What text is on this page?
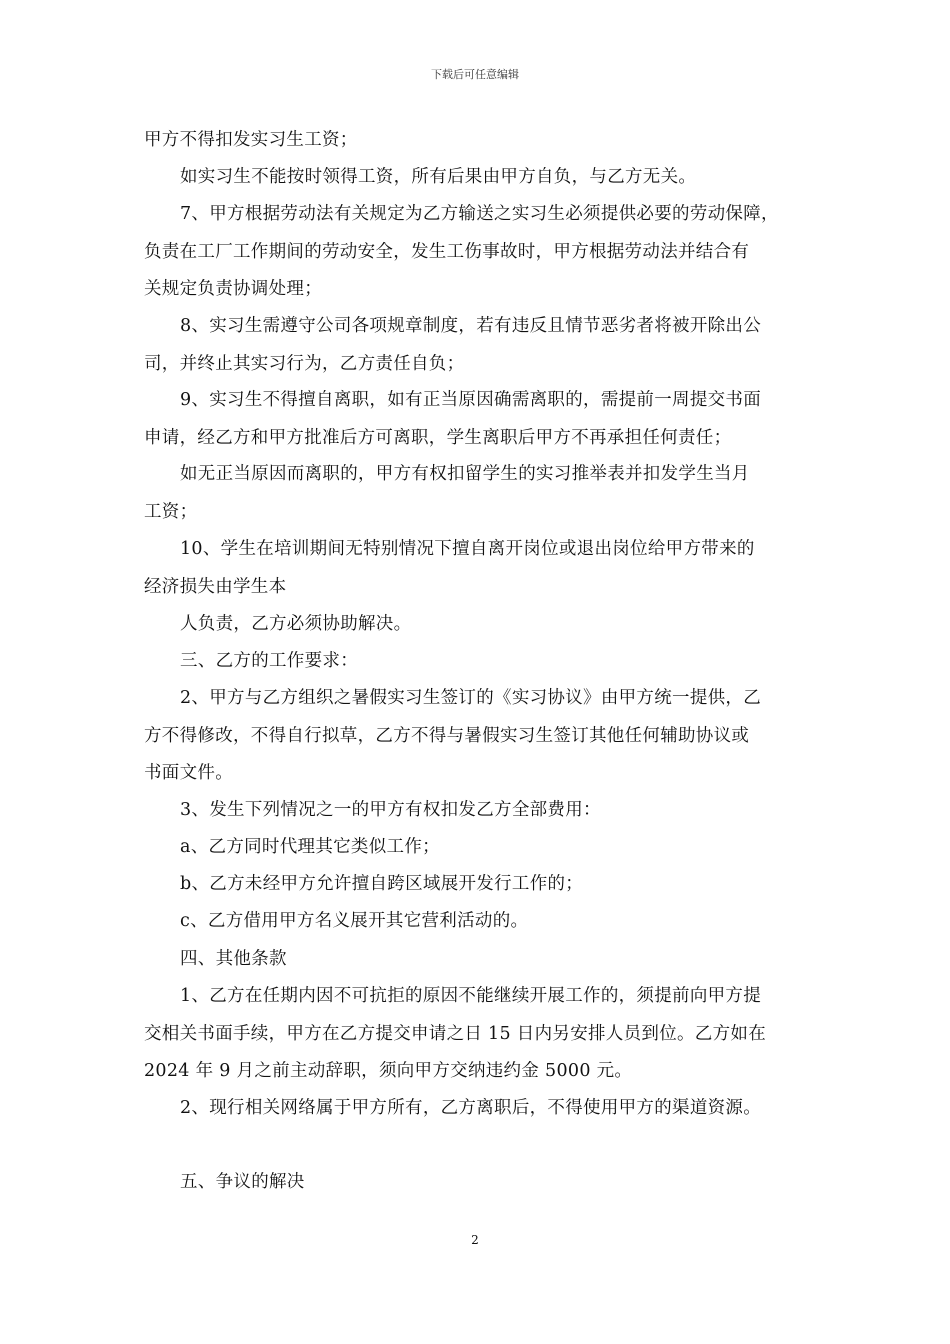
下载后可任意编辑
甲方不得扣发实习生工资；
如实习生不能按时领得工资，所有后果由甲方自负，与乙方无关。
7、甲方根据劳动法有关规定为乙方输送之实习生必须提供必要的劳动保障，
负责在工厂工作期间的劳动安全，发生工伤事故时，甲方根据劳动法并结合有
关规定负责协调处理；
8、实习生需遵守公司各项规章制度，若有违反且情节恶劣者将被开除出公
司，并终止其实习行为，乙方责任自负；
9、实习生不得擅自离职，如有正当原因确需离职的，需提前一周提交书面
申请，经乙方和甲方批准后方可离职，学生离职后甲方不再承担任何责任；
如无正当原因而离职的，甲方有权扣留学生的实习推举表并扣发学生当月
工资；
10、学生在培训期间无特别情况下擅自离开岗位或退出岗位给甲方带来的
经济损失由学生本
人负责，乙方必须协助解决。
三、乙方的工作要求：
2、甲方与乙方组织之暑假实习生签订的《实习协议》由甲方统一提供，乙
方不得修改，不得自行拟草，乙方不得与暑假实习生签订其他任何辅助协议或
书面文件。
3、发生下列情况之一的甲方有权扣发乙方全部费用：
a、乙方同时代理其它类似工作；
b、乙方未经甲方允许擅自跨区域展开发行工作的；
c、乙方借用甲方名义展开其它营利活动的。
四、其他条款
1、乙方在任期内因不可抗拒的原因不能继续开展工作的，须提前向甲方提
交相关书面手续，甲方在乙方提交申请之日 15 日内另安排人员到位。乙方如在
2024 年 9 月之前主动辞职，须向甲方交纳违约金 5000 元。
2、现行相关网络属于甲方所有，乙方离职后，不得使用甲方的渠道资源。
五、争议的解决
2
